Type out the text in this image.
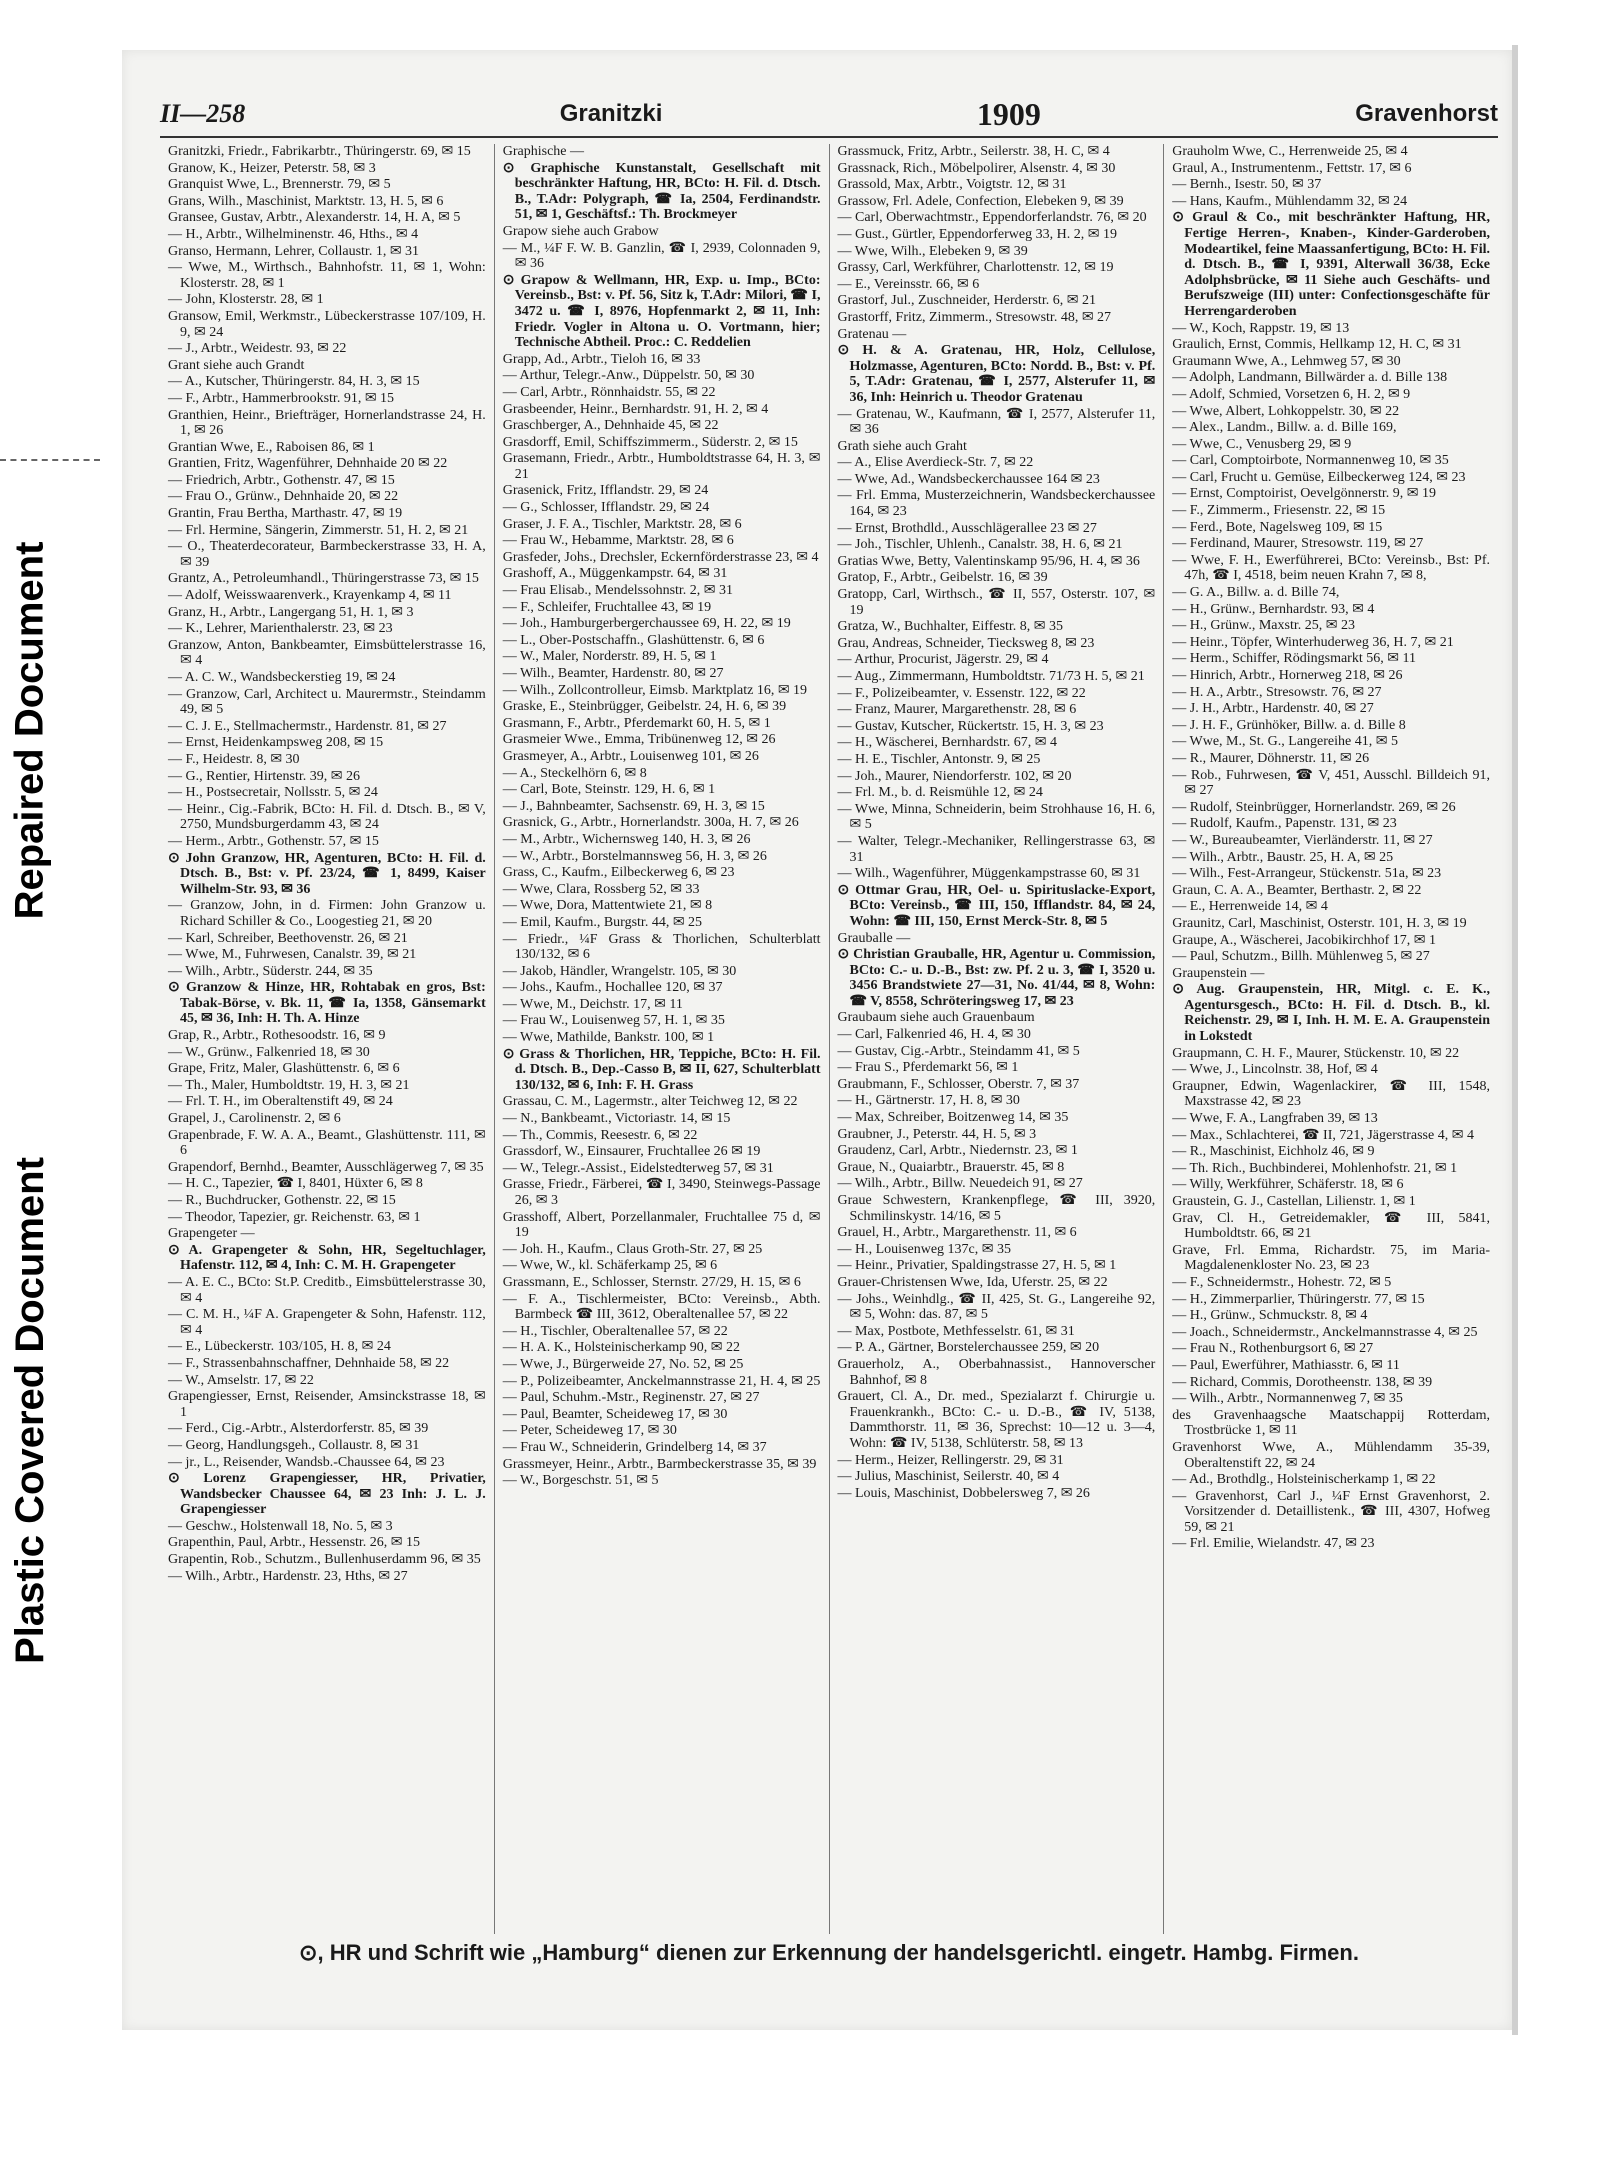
Repaired Document
Plastic Covered Document
II—258	Granitzki	1909	Gravenhorst

Granitzki, Friedr., Fabrikarbtr., Thüringerstr. 69, ✉ 15

Granow, K., Heizer, Peterstr. 58, ✉ 3

Granquist Wwe, L., Brennerstr. 79, ✉ 5

Grans, Wilh., Maschinist, Marktstr. 13, H. 5, ✉ 6

Gransee, Gustav, Arbtr., Alexanderstr. 14, H. A, ✉ 5

— H., Arbtr., Wilhelminenstr. 46, Hths., ✉ 4

Granso, Hermann, Lehrer, Collaustr. 1, ✉ 31

— Wwe, M., Wirthsch., Bahnhofstr. 11, ✉ 1, Wohn: Klosterstr. 28, ✉ 1

— John, Klosterstr. 28, ✉ 1

Gransow, Emil, Werkmstr., Lübeckerstrasse 107/109, H. 9, ✉ 24

— J., Arbtr., Weidestr. 93, ✉ 22

Grant siehe auch Grandt

— A., Kutscher, Thüringerstr. 84, H. 3, ✉ 15

— F., Arbtr., Hammerbrookstr. 91, ✉ 15

Granthien, Heinr., Briefträger, Hornerlandstrasse 24, H. 1, ✉ 26

Grantian Wwe, E., Raboisen 86, ✉ 1

Grantien, Fritz, Wagenführer, Dehnhaide 20 ✉ 22

— Friedrich, Arbtr., Gothenstr. 47, ✉ 15

— Frau O., Grünw., Dehnhaide 20, ✉ 22

Grantin, Frau Bertha, Marthastr. 47, ✉ 19

— Frl. Hermine, Sängerin, Zimmerstr. 51, H. 2, ✉ 21

— O., Theaterdecorateur, Barmbeckerstrasse 33, H. A, ✉ 39

Grantz, A., Petroleumhandl., Thüringerstrasse 73, ✉ 15

— Adolf, Weisswaarenverk., Krayenkamp 4, ✉ 11

Granz, H., Arbtr., Langergang 51, H. 1, ✉ 3

— K., Lehrer, Marienthalerstr. 23, ✉ 23

Granzow, Anton, Bankbeamter, Eimsbüttelerstrasse 16, ✉ 4

— A. C. W., Wandsbeckerstieg 19, ✉ 24

— Granzow, Carl, Architect u. Maurermstr., Steindamm 49, ✉ 5

— C. J. E., Stellmachermstr., Hardenstr. 81, ✉ 27

— Ernst, Heidenkampsweg 208, ✉ 15

— F., Heidestr. 8, ✉ 30

— G., Rentier, Hirtenstr. 39, ✉ 26

— H., Postsecretair, Nollsstr. 5, ✉ 24

— Heinr., Cig.-Fabrik, BCto: H. Fil. d. Dtsch. B., ✉ V, 2750, Mundsburgerdamm 43, ✉ 24

— Herm., Arbtr., Gothenstr. 57, ✉ 15

⊙ John Granzow, HR, Agenturen, BCto: H. Fil. d. Dtsch. B., Bst: v. Pf. 23/24, ☎ 1, 8499, Kaiser Wilhelm-Str. 93, ✉ 36

— Granzow, John, in d. Firmen: John Granzow u. Richard Schiller & Co., Loogestieg 21, ✉ 20

— Karl, Schreiber, Beethovenstr. 26, ✉ 21

— Wwe, M., Fuhrwesen, Canalstr. 39, ✉ 21

— Wilh., Arbtr., Süderstr. 244, ✉ 35

⊙ Granzow & Hinze, HR, Rohtabak en gros, Bst: Tabak-Börse, v. Bk. 11, ☎ Ia, 1358, Gänsemarkt 45, ✉ 36, Inh: H. Th. A. Hinze

Grap, R., Arbtr., Rothesoodstr. 16, ✉ 9

— W., Grünw., Falkenried 18, ✉ 30

Grape, Fritz, Maler, Glashüttenstr. 6, ✉ 6

— Th., Maler, Humboldtstr. 19, H. 3, ✉ 21

— Frl. T. H., im Oberaltenstift 49, ✉ 24

Grapel, J., Carolinenstr. 2, ✉ 6

Grapenbrade, F. W. A. A., Beamt., Glashüttenstr. 111, ✉ 6

Grapendorf, Bernhd., Beamter, Ausschlägerweg 7, ✉ 35

— H. C., Tapezier, ☎ I, 8401, Hüxter 6, ✉ 8

— R., Buchdrucker, Gothenstr. 22, ✉ 15

— Theodor, Tapezier, gr. Reichenstr. 63, ✉ 1

Grapengeter —

⊙ A. Grapengeter & Sohn, HR, Segeltuchlager, Hafenstr. 112, ✉ 4, Inh: C. M. H. Grapengeter

— A. E. C., BCto: St.P. Creditb., Eimsbüttelerstrasse 30, ✉ 4

— C. M. H., ¼F A. Grapengeter & Sohn, Hafenstr. 112, ✉ 4

— E., Lübeckerstr. 103/105, H. 8, ✉ 24

— F., Strassenbahnschaffner, Dehnhaide 58, ✉ 22

— W., Amselstr. 17, ✉ 22

Grapengiesser, Ernst, Reisender, Amsinckstrasse 18, ✉ 1

— Ferd., Cig.-Arbtr., Alsterdorferstr. 85, ✉ 39

— Georg, Handlungsgeh., Collaustr. 8, ✉ 31

— jr., L., Reisender, Wandsb.-Chaussee 64, ✉ 23

⊙ Lorenz Grapengiesser, HR, Privatier, Wandsbecker Chaussee 64, ✉ 23 Inh: J. L. J. Grapengiesser

— Geschw., Holstenwall 18, No. 5, ✉ 3

Grapenthin, Paul, Arbtr., Hessenstr. 26, ✉ 15

Grapentin, Rob., Schutzm., Bullenhuserdamm 96, ✉ 35

— Wilh., Arbtr., Hardenstr. 23, Hths, ✉ 27

Graphische —

⊙ Graphische Kunstanstalt, Gesellschaft mit beschränkter Haftung, HR, BCto: H. Fil. d. Dtsch. B., T.Adr: Polygraph, ☎ Ia, 2504, Ferdinandstr. 51, ✉ 1, Geschäftsf.: Th. Brockmeyer

Grapow siehe auch Grabow

— M., ¼F F. W. B. Ganzlin, ☎ I, 2939, Colonnaden 9, ✉ 36

⊙ Grapow & Wellmann, HR, Exp. u. Imp., BCto: Vereinsb., Bst: v. Pf. 56, Sitz k, T.Adr: Milori, ☎ I, 3472 u. ☎ I, 8976, Hopfenmarkt 2, ✉ 11, Inh: Friedr. Vogler in Altona u. O. Vortmann, hier; Technische Abtheil. Proc.: C. Reddelien

Grapp, Ad., Arbtr., Tieloh 16, ✉ 33

— Arthur, Telegr.-Anw., Düppelstr. 50, ✉ 30

— Carl, Arbtr., Rönnhaidstr. 55, ✉ 22

Grasbeender, Heinr., Bernhardstr. 91, H. 2, ✉ 4

Graschberger, A., Dehnhaide 45, ✉ 22

Grasdorff, Emil, Schiffszimmerm., Süderstr. 2, ✉ 15

Grasemann, Friedr., Arbtr., Humboldtstrasse 64, H. 3, ✉ 21

Grasenick, Fritz, Ifflandstr. 29, ✉ 24

— G., Schlosser, Ifflandstr. 29, ✉ 24

Graser, J. F. A., Tischler, Marktstr. 28, ✉ 6

— Frau W., Hebamme, Marktstr. 28, ✉ 6

Grasfeder, Johs., Drechsler, Eckernförderstrasse 23, ✉ 4

Grashoff, A., Müggenkampstr. 64, ✉ 31

— Frau Elisab., Mendelssohnstr. 2, ✉ 31

— F., Schleifer, Fruchtallee 43, ✉ 19

— Joh., Hamburgerbergerchaussee 69, H. 22, ✉ 19

— L., Ober-Postschaffn., Glashüttenstr. 6, ✉ 6

— W., Maler, Norderstr. 89, H. 5, ✉ 1

— Wilh., Beamter, Hardenstr. 80, ✉ 27

— Wilh., Zollcontrolleur, Eimsb. Marktplatz 16, ✉ 19

Graske, E., Steinbrügger, Geibelstr. 24, H. 6, ✉ 39

Grasmann, F., Arbtr., Pferdemarkt 60, H. 5, ✉ 1

Grasmeier Wwe., Emma, Tribünenweg 12, ✉ 26

Grasmeyer, A., Arbtr., Louisenweg 101, ✉ 26

— A., Steckelhörn 6, ✉ 8

— Carl, Bote, Steinstr. 129, H. 6, ✉ 1

— J., Bahnbeamter, Sachsenstr. 69, H. 3, ✉ 15

Grasnick, G., Arbtr., Hornerlandstr. 300a, H. 7, ✉ 26

— M., Arbtr., Wichernsweg 140, H. 3, ✉ 26

— W., Arbtr., Borstelmannsweg 56, H. 3, ✉ 26

Grass, C., Kaufm., Eilbeckerweg 6, ✉ 23

— Wwe, Clara, Rossberg 52, ✉ 33

— Wwe, Dora, Mattentwiete 21, ✉ 8

— Emil, Kaufm., Burgstr. 44, ✉ 25

— Friedr., ¼F Grass & Thorlichen, Schulterblatt 130/132, ✉ 6

— Jakob, Händler, Wrangelstr. 105, ✉ 30

— Johs., Kaufm., Hochallee 120, ✉ 37

— Wwe, M., Deichstr. 17, ✉ 11

— Frau W., Louisenweg 57, H. 1, ✉ 35

— Wwe, Mathilde, Bankstr. 100, ✉ 1

⊙ Grass & Thorlichen, HR, Teppiche, BCto: H. Fil. d. Dtsch. B., Dep.-Casso B, ✉ II, 627, Schulterblatt 130/132, ✉ 6, Inh: F. H. Grass

Grassau, C. M., Lagermstr., alter Teichweg 12, ✉ 22

— N., Bankbeamt., Victoriastr. 14, ✉ 15

— Th., Commis, Reesestr. 6, ✉ 22

Grassdorf, W., Einsaurer, Fruchtallee 26 ✉ 19

— W., Telegr.-Assist., Eidelstedterweg 57, ✉ 31

Grasse, Friedr., Färberei, ☎ I, 3490, Steinwegs-Passage 26, ✉ 3

Grasshoff, Albert, Porzellanmaler, Fruchtallee 75 d, ✉ 19

— Joh. H., Kaufm., Claus Groth-Str. 27, ✉ 25

— Wwe, W., kl. Schäferkamp 25, ✉ 6

Grassmann, E., Schlosser, Sternstr. 27/29, H. 15, ✉ 6

— F. A., Tischlermeister, BCto: Vereinsb., Abth. Barmbeck ☎ III, 3612, Oberaltenallee 57, ✉ 22

— H., Tischler, Oberaltenallee 57, ✉ 22

— H. A. K., Holsteinischerkamp 90, ✉ 22

— Wwe, J., Bürgerweide 27, No. 52, ✉ 25

— P., Polizeibeamter, Anckelmannstrasse 21, H. 4, ✉ 25

— Paul, Schuhm.-Mstr., Reginenstr. 27, ✉ 27

— Paul, Beamter, Scheideweg 17, ✉ 30

— Peter, Scheideweg 17, ✉ 30

— Frau W., Schneiderin, Grindelberg 14, ✉ 37

Grassmeyer, Heinr., Arbtr., Barmbeckerstrasse 35, ✉ 39

— W., Borgeschstr. 51, ✉ 5

Grassmuck, Fritz, Arbtr., Seilerstr. 38, H. C, ✉ 4

Grassnack, Rich., Möbelpolirer, Alsenstr. 4, ✉ 30

Grassold, Max, Arbtr., Voigtstr. 12, ✉ 31

Grassow, Frl. Adele, Confection, Elebeken 9, ✉ 39

— Carl, Oberwachtmstr., Eppendorferlandstr. 76, ✉ 20

— Gust., Gürtler, Eppendorferweg 33, H. 2, ✉ 19

— Wwe, Wilh., Elebeken 9, ✉ 39

Grassy, Carl, Werkführer, Charlottenstr. 12, ✉ 19

— E., Vereinsstr. 66, ✉ 6

Grastorf, Jul., Zuschneider, Herderstr. 6, ✉ 21

Grastorff, Fritz, Zimmerm., Stresowstr. 48, ✉ 27

Gratenau —

⊙ H. & A. Gratenau, HR, Holz, Cellulose, Holzmasse, Agenturen, BCto: Nordd. B., Bst: v. Pf. 5, T.Adr: Gratenau, ☎ I, 2577, Alsterufer 11, ✉ 36, Inh: Heinrich u. Theodor Gratenau

— Gratenau, W., Kaufmann, ☎ I, 2577, Alsterufer 11, ✉ 36

Grath siehe auch Graht

— A., Elise Averdieck-Str. 7, ✉ 22

— Wwe, Ad., Wandsbeckerchaussee 164 ✉ 23

— Frl. Emma, Musterzeichnerin, Wandsbeckerchaussee 164, ✉ 23

— Ernst, Brothdld., Ausschlägerallee 23 ✉ 27

— Joh., Tischler, Uhlenh., Canalstr. 38, H. 6, ✉ 21

Gratias Wwe, Betty, Valentinskamp 95/96, H. 4, ✉ 36

Gratop, F., Arbtr., Geibelstr. 16, ✉ 39

Gratopp, Carl, Wirthsch., ☎ II, 557, Osterstr. 107, ✉ 19

Gratza, W., Buchhalter, Eiffestr. 8, ✉ 35

Grau, Andreas, Schneider, Tiecksweg 8, ✉ 23

— Arthur, Procurist, Jägerstr. 29, ✉ 4

— Aug., Zimmermann, Humboldtstr. 71/73 H. 5, ✉ 21

— F., Polizeibeamter, v. Essenstr. 122, ✉ 22

— Franz, Maurer, Margarethenstr. 28, ✉ 6

— Gustav, Kutscher, Rückertstr. 15, H. 3, ✉ 23

— H., Wäscherei, Bernhardstr. 67, ✉ 4

— H. E., Tischler, Antonstr. 9, ✉ 25

— Joh., Maurer, Niendorferstr. 102, ✉ 20

— Frl. M., b. d. Reismühle 12, ✉ 24

— Wwe, Minna, Schneiderin, beim Strohhause 16, H. 6, ✉ 5

— Walter, Telegr.-Mechaniker, Rellingerstrasse 63, ✉ 31

— Wilh., Wagenführer, Müggenkampstrasse 60, ✉ 31

⊙ Ottmar Grau, HR, Oel- u. Spirituslacke-Export, BCto: Vereinsb., ☎ III, 150, Ifflandstr. 84, ✉ 24, Wohn: ☎ III, 150, Ernst Merck-Str. 8, ✉ 5

Grauballe —

⊙ Christian Grauballe, HR, Agentur u. Commission, BCto: C.- u. D.-B., Bst: zw. Pf. 2 u. 3, ☎ I, 3520 u. 3456 Brandstwiete 27—31, No. 41/44, ✉ 8, Wohn: ☎ V, 8558, Schröteringsweg 17, ✉ 23

Graubaum siehe auch Grauenbaum

— Carl, Falkenried 46, H. 4, ✉ 30

— Gustav, Cig.-Arbtr., Steindamm 41, ✉ 5

— Frau S., Pferdemarkt 56, ✉ 1

Graubmann, F., Schlosser, Oberstr. 7, ✉ 37

— H., Gärtnerstr. 17, H. 8, ✉ 30

— Max, Schreiber, Boitzenweg 14, ✉ 35

Graubner, J., Peterstr. 44, H. 5, ✉ 3

Graudenz, Carl, Arbtr., Niedernstr. 23, ✉ 1

Graue, N., Quaiarbtr., Brauerstr. 45, ✉ 8

— Wilh., Arbtr., Billw. Neuedeich 91, ✉ 27

Graue Schwestern, Krankenpflege, ☎ III, 3920, Schmilinskystr. 14/16, ✉ 5

Grauel, H., Arbtr., Margarethenstr. 11, ✉ 6

— H., Louisenweg 137c, ✉ 35

— Heinr., Privatier, Spaldingstrasse 27, H. 5, ✉ 1

Grauer-Christensen Wwe, Ida, Uferstr. 25, ✉ 22

— Johs., Weinhdlg., ☎ II, 425, St. G., Langereihe 92, ✉ 5, Wohn: das. 87, ✉ 5

— Max, Postbote, Methfesselstr. 61, ✉ 31

— P. A., Gärtner, Borstelerchaussee 259, ✉ 20

Grauerholz, A., Oberbahnassist., Hannoverscher Bahnhof, ✉ 8

Grauert, Cl. A., Dr. med., Spezialarzt f. Chirurgie u. Frauenkrankh., BCto: C.- u. D.-B., ☎ IV, 5138, Dammthorstr. 11, ✉ 36, Sprechst: 10—12 u. 3—4, Wohn: ☎ IV, 5138, Schlüterstr. 58, ✉ 13

— Herm., Heizer, Rellingerstr. 29, ✉ 31

— Julius, Maschinist, Seilerstr. 40, ✉ 4

— Louis, Maschinist, Dobbelersweg 7, ✉ 26

Grauholm Wwe, C., Herrenweide 25, ✉ 4

Graul, A., Instrumentenm., Fettstr. 17, ✉ 6

— Bernh., Isestr. 50, ✉ 37

— Hans, Kaufm., Mühlendamm 32, ✉ 24

⊙ Graul & Co., mit beschränkter Haftung, HR, Fertige Herren-, Knaben-, Kinder-Garderoben, Modeartikel, feine Maassanfertigung, BCto: H. Fil. d. Dtsch. B., ☎ I, 9391, Alterwall 36/38, Ecke Adolphsbrücke, ✉ 11 Siehe auch Geschäfts- und Berufszweige (III) unter: Confectionsgeschäfte für Herrengarderoben

— W., Koch, Rappstr. 19, ✉ 13

Graulich, Ernst, Commis, Hellkamp 12, H. C, ✉ 31

Graumann Wwe, A., Lehmweg 57, ✉ 30

— Adolph, Landmann, Billwärder a. d. Bille 138

— Adolf, Schmied, Vorsetzen 6, H. 2, ✉ 9

— Wwe, Albert, Lohkoppelstr. 30, ✉ 22

— Alex., Landm., Billw. a. d. Bille 169,

— Wwe, C., Venusberg 29, ✉ 9

— Carl, Comptoirbote, Normannenweg 10, ✉ 35

— Carl, Frucht u. Gemüse, Eilbeckerweg 124, ✉ 23

— Ernst, Comptoirist, Oevelgönnerstr. 9, ✉ 19

— F., Zimmerm., Friesenstr. 22, ✉ 15

— Ferd., Bote, Nagelsweg 109, ✉ 15

— Ferdinand, Maurer, Stresowstr. 119, ✉ 27

— Wwe, F. H., Ewerführerei, BCto: Vereinsb., Bst: Pf. 47h, ☎ I, 4518, beim neuen Krahn 7, ✉ 8,

— G. A., Billw. a. d. Bille 74,

— H., Grünw., Bernhardstr. 93, ✉ 4

— H., Grünw., Maxstr. 25, ✉ 23

— Heinr., Töpfer, Winterhuderweg 36, H. 7, ✉ 21

— Herm., Schiffer, Rödingsmarkt 56, ✉ 11

— Hinrich, Arbtr., Hornerweg 218, ✉ 26

— H. A., Arbtr., Stresowstr. 76, ✉ 27

— J. H., Arbtr., Hardenstr. 40, ✉ 27

— J. H. F., Grünhöker, Billw. a. d. Bille 8

— Wwe, M., St. G., Langereihe 41, ✉ 5

— R., Maurer, Döhnerstr. 11, ✉ 26

— Rob., Fuhrwesen, ☎ V, 451, Ausschl. Billdeich 91, ✉ 27

— Rudolf, Steinbrügger, Hornerlandstr. 269, ✉ 26

— Rudolf, Kaufm., Papenstr. 131, ✉ 23

— W., Bureaubeamter, Vierländerstr. 11, ✉ 27

— Wilh., Arbtr., Baustr. 25, H. A, ✉ 25

— Wilh., Fest-Arrangeur, Stückenstr. 51a, ✉ 23

Graun, C. A. A., Beamter, Berthastr. 2, ✉ 22

— E., Herrenweide 14, ✉ 4

Graunitz, Carl, Maschinist, Osterstr. 101, H. 3, ✉ 19

Graupe, A., Wäscherei, Jacobikirchhof 17, ✉ 1

— Paul, Schutzm., Billh. Mühlenweg 5, ✉ 27

Graupenstein —

⊙ Aug. Graupenstein, HR, Mitgl. c. E. K., Agentursgesch., BCto: H. Fil. d. Dtsch. B., kl. Reichenstr. 29, ✉ I, Inh. H. M. E. A. Graupenstein in Lokstedt

Graupmann, C. H. F., Maurer, Stückenstr. 10, ✉ 22

— Wwe, J., Lincolnstr. 38, Hof, ✉ 4

Graupner, Edwin, Wagenlackirer, ☎ III, 1548, Maxstrasse 42, ✉ 23

— Wwe, F. A., Langfraben 39, ✉ 13

— Max., Schlachterei, ☎ II, 721, Jägerstrasse 4, ✉ 4

— R., Maschinist, Eichholz 46, ✉ 9

— Th. Rich., Buchbinderei, Mohlenhofstr. 21, ✉ 1

— Willy, Werkführer, Schäferstr. 18, ✉ 6

Graustein, G. J., Castellan, Lilienstr. 1, ✉ 1

Grav, Cl. H., Getreidemakler, ☎ III, 5841, Humboldtstr. 66, ✉ 21

Grave, Frl. Emma, Richardstr. 75, im Maria-Magdalenenkloster No. 23, ✉ 23

— F., Schneidermstr., Hohestr. 72, ✉ 5

— H., Zimmerparlier, Thüringerstr. 77, ✉ 15

— H., Grünw., Schmuckstr. 8, ✉ 4

— Joach., Schneidermstr., Anckelmannstrasse 4, ✉ 25

— Frau N., Rothenburgsort 6, ✉ 27

— Paul, Ewerführer, Mathiasstr. 6, ✉ 11

— Richard, Commis, Dorotheenstr. 138, ✉ 39

— Wilh., Arbtr., Normannenweg 7, ✉ 35

des Gravenhaagsche Maatschappij Rotterdam, Trostbrücke 1, ✉ 11

Gravenhorst Wwe, A., Mühlendamm 35-39, Oberaltenstift 22, ✉ 24

— Ad., Brothdlg., Holsteinischerkamp 1, ✉ 22

— Gravenhorst, Carl J., ¼F Ernst Gravenhorst, 2. Vorsitzender d. Detaillistenk., ☎ III, 4307, Hofweg 59, ✉ 21

— Frl. Emilie, Wielandstr. 47, ✉ 23

⊙, HR und Schrift wie „Hamburg“ dienen zur Erkennung der handelsgerichtl. eingetr. Hambg. Firmen.
